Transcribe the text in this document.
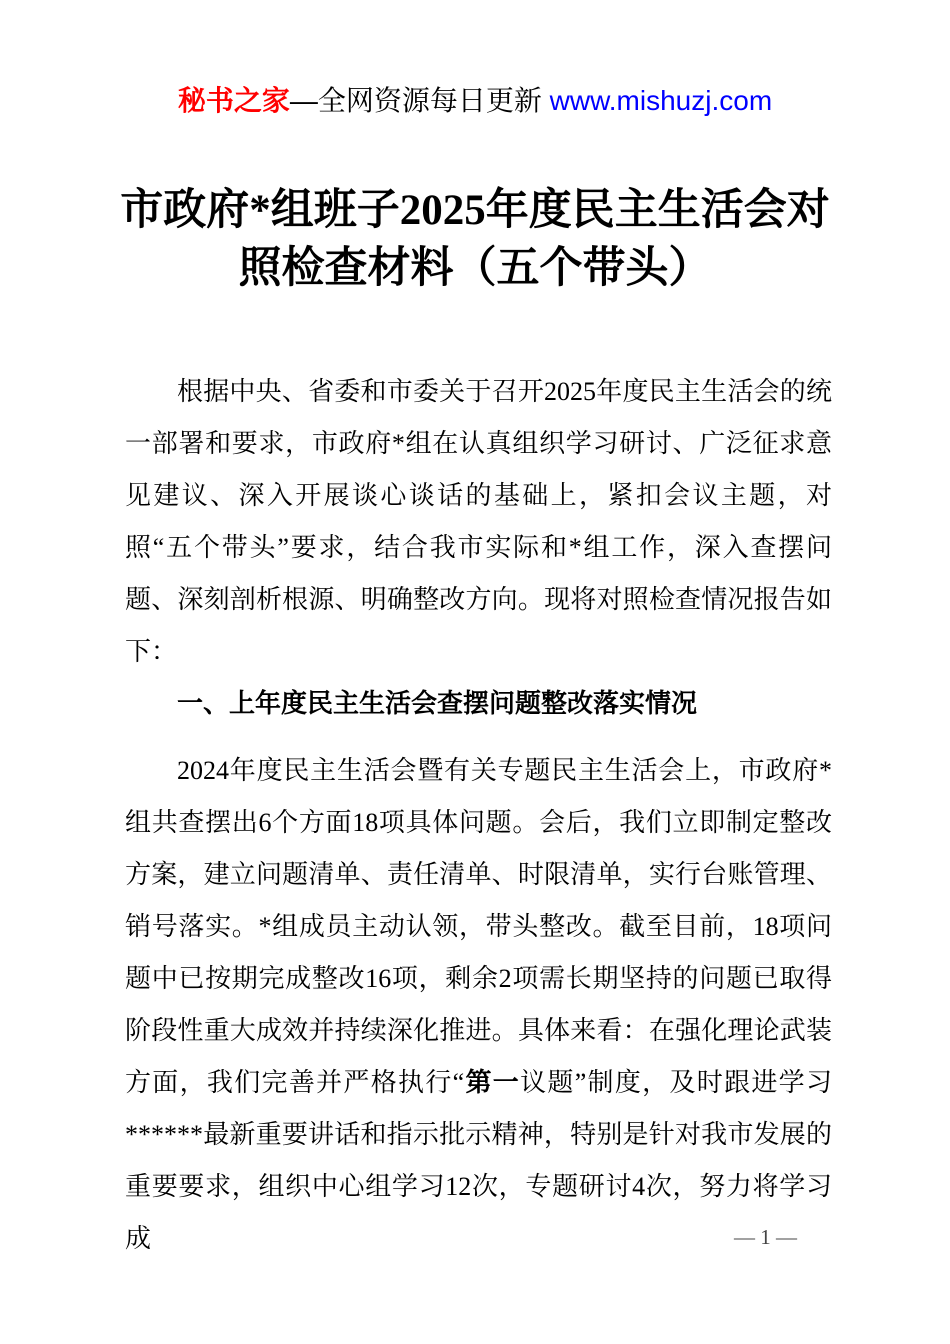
秘书之家—全网资源每日更新 www.mishuzj.com
市政府*组班子2025年度民主生活会对照检查材料（五个带头）

根据中央、省委和市委关于召开2025年度民主生活会的统一部署和要求，市政府*组在认真组织学习研讨、广泛征求意见建议、深入开展谈心谈话的基础上，紧扣会议主题，对照“五个带头”要求，结合我市实际和*组工作，深入查摆问题、深刻剖析根源、明确整改方向。现将对照检查情况报告如下：

一、上年度民主生活会查摆问题整改落实情况

2024年度民主生活会暨有关专题民主生活会上，市政府*组共查摆出6个方面18项具体问题。会后，我们立即制定整改方案，建立问题清单、责任清单、时限清单，实行台账管理、销号落实。*组成员主动认领，带头整改。截至目前，18项问题中已按期完成整改16项，剩余2项需长期坚持的问题已取得阶段性重大成效并持续深化推进。具体来看：在强化理论武装方面，我们完善并严格执行“第一议题”制度，及时跟进学习******最新重要讲话和指示批示精神，特别是针对我市发展的重要要求，组织中心组学习12次，专题研讨4次，努力将学习成	— 1 —
